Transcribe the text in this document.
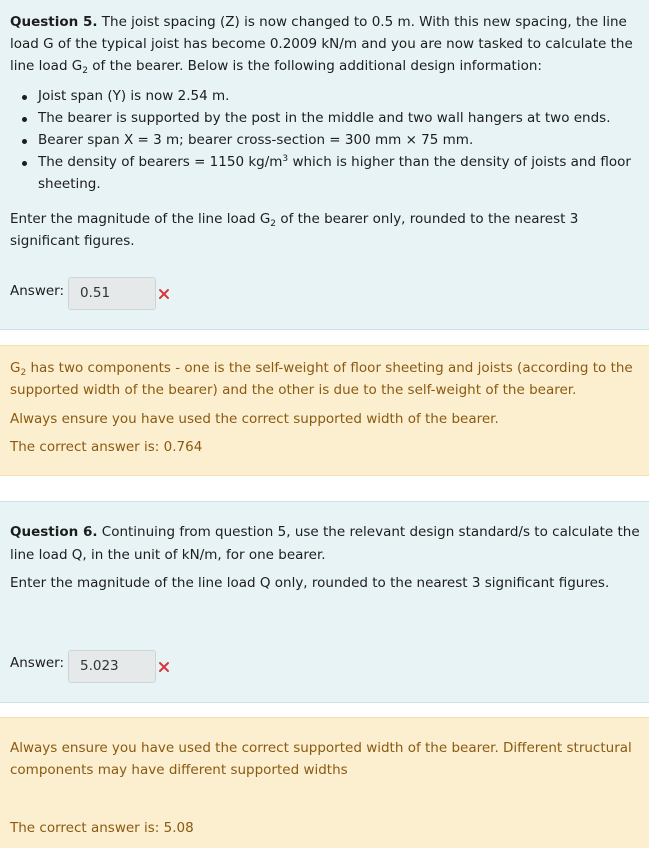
Question 5. The joist spacing (Z) is now changed to 0.5 m. With this new spacing, the line
load G of the typical joist has become 0.2009 kN/m and you are now tasked to calculate the
line load $G_2$ of the bearer. Below is the following additional design information:
Joist span (Y) is now 2.54 m.
The bearer is supported by the post in the middle and two wall hangers at two ends.
Bearer span X = 3 m; bearer cross-section = 300 mm × 75 mm.
The density of bearers = 1150 $kg/m^3$ which is higher than the density of joists and floor
sheeting.
Enter the magnitude of the line load $G_2$ of the bearer only, rounded to the nearest 3
significant figures.
Answer:	0.51
$G_2$ has two components - one is the self-weight of floor sheeting and joists (according to the
supported width of the bearer) and the other is due to the self-weight of the bearer.
Always ensure you have used the correct supported width of the bearer.
The correct answer is: 0.764
Question 6. Continuing from question 5, use the relevant design standard/s to calculate the
line load Q, in the unit of kN/m, for one bearer.
Enter the magnitude of the line load Q only, rounded to the nearest 3 significant figures.
Answer:	5.023
Always ensure you have used the correct supported width of the bearer. Different structural
components may have different supported widths
The correct answer is: 5.08
